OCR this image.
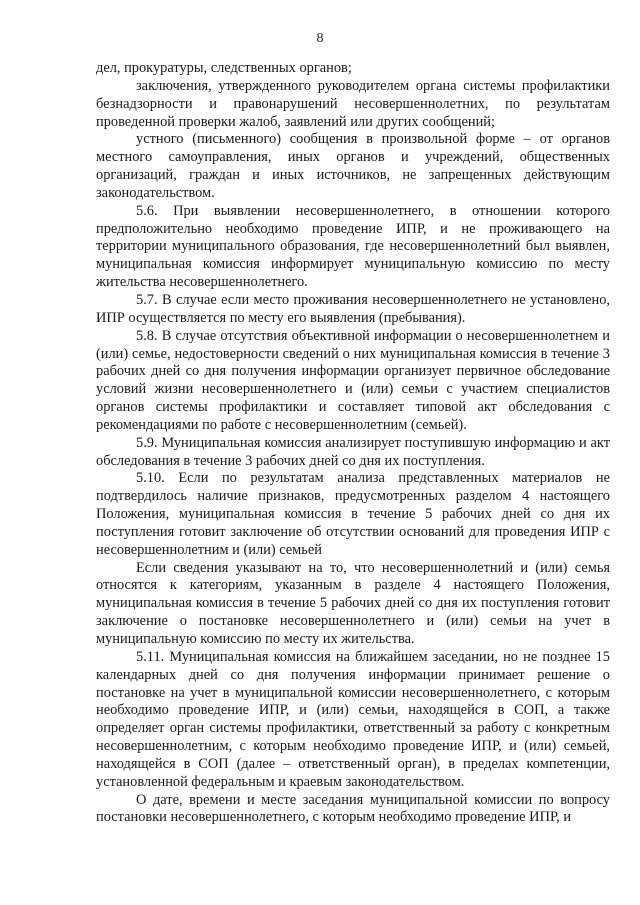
8

дел, прокуратуры, следственных органов;

заключения, утвержденного руководителем органа системы профилактики безнадзорности и правонарушений несовершеннолетних, по результатам проведенной проверки жалоб, заявлений или других сообщений;

устного (письменного) сообщения в произвольной форме – от органов местного самоуправления, иных органов и учреждений, общественных организаций, граждан и иных источников, не запрещенных действующим законодательством.

5.6. При выявлении несовершеннолетнего, в отношении которого предположительно необходимо проведение ИПР, и не проживающего на территории муниципального образования, где несовершеннолетний был выявлен, муниципальная комиссия информирует муниципальную комиссию по месту жительства несовершеннолетнего.

5.7. В случае если место проживания несовершеннолетнего не установлено, ИПР осуществляется по месту его выявления (пребывания).

5.8. В случае отсутствия объективной информации о несовершеннолетнем и (или) семье, недостоверности сведений о них муниципальная комиссия в течение 3 рабочих дней со дня получения информации организует первичное обследование условий жизни несовершеннолетнего и (или) семьи с участием специалистов органов системы профилактики и составляет типовой акт обследования с рекомендациями по работе с несовершеннолетним (семьей).

5.9. Муниципальная комиссия анализирует поступившую информацию и акт обследования в течение 3 рабочих дней со дня их поступления.

5.10. Если по результатам анализа представленных материалов не подтвердилось наличие признаков, предусмотренных разделом 4 настоящего Положения, муниципальная комиссия в течение 5 рабочих дней со дня их поступления готовит заключение об отсутствии оснований для проведения ИПР с несовершеннолетним и (или) семьей

Если сведения указывают на то, что несовершеннолетний и (или) семья относятся к категориям, указанным в разделе 4 настоящего Положения, муниципальная комиссия в течение 5 рабочих дней со дня их поступления готовит заключение о постановке несовершеннолетнего и (или) семьи на учет в муниципальную комиссию по месту их жительства.

5.11. Муниципальная комиссия на ближайшем заседании, но не позднее 15 календарных дней со дня получения информации принимает решение о постановке на учет в муниципальной комиссии несовершеннолетнего, с которым необходимо проведение ИПР, и (или) семьи, находящейся в СОП, а также определяет орган системы профилактики, ответственный за работу с конкретным несовершеннолетним, с которым необходимо проведение ИПР, и (или) семьей, находящейся в СОП (далее – ответственный орган), в пределах компетенции, установленной федеральным и краевым законодательством.

О дате, времени и месте заседания муниципальной комиссии по вопросу постановки несовершеннолетнего, с которым необходимо проведение ИПР, и
